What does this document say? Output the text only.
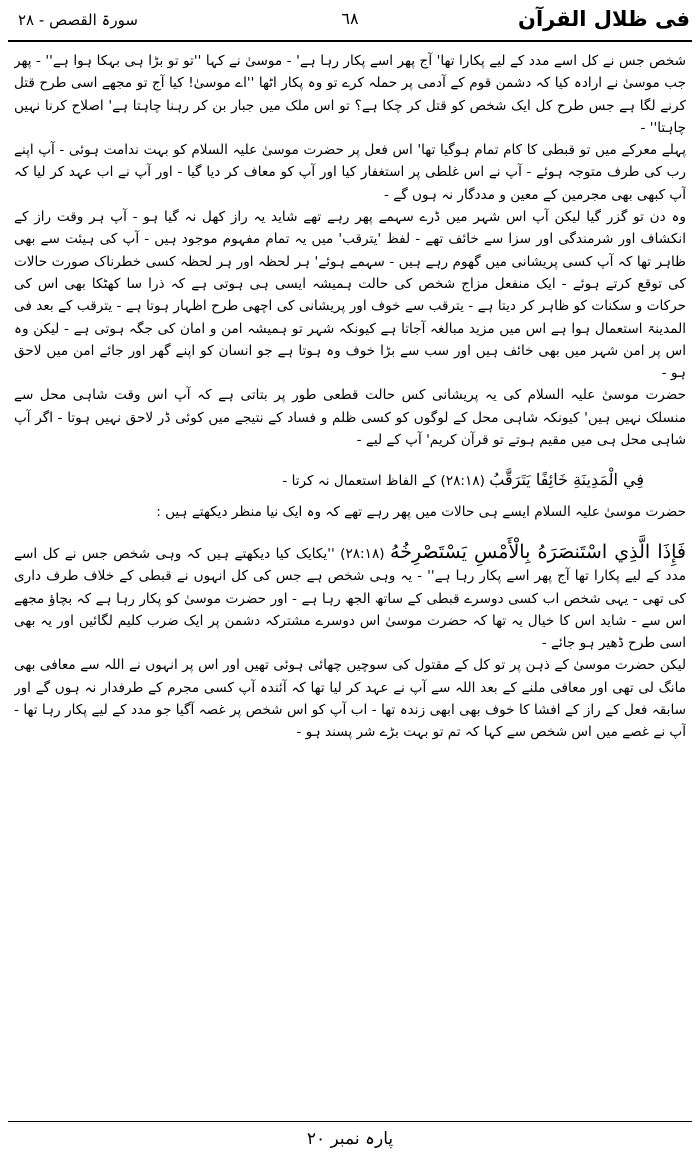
فی ظلال القرآن
٦٨
سورۃ القصص - ٢٨

شخص جس نے کل اسے مدد کے لیے پکارا تھا' آج پھر اسے پکار رہا ہے' - موسیٰ نے کہا ''تو تو بڑا ہی بہکا ہوا ہے'' - پھر جب موسیٰ نے ارادہ کیا کہ دشمن قوم کے آدمی پر حملہ کرے تو وہ پکار اٹھا ''اے موسیٰ! کیا آج تو مجھے اسی طرح قتل کرنے لگا ہے جس طرح کل ایک شخص کو قتل کر چکا ہے؟ تو اس ملک میں جبار بن کر رہنا چاہتا ہے' اصلاح کرنا نہیں چاہتا'' -

پہلے معرکے میں تو قبطی کا کام تمام ہوگیا تھا' اس فعل پر حضرت موسیٰ علیہ السلام کو بہت ندامت ہوئی - آپ اپنے رب کی طرف متوجہ ہوئے - آپ نے اس غلطی پر استغفار کیا اور آپ کو معاف کر دیا گیا - اور آپ نے اب عہد کر لیا کہ آپ کبھی بھی مجرمین کے معین و مددگار نہ ہوں گے -

وہ دن تو گزر گیا لیکن آپ اس شہر میں ڈرے سہمے پھر رہے تھے شاید یہ راز کھل نہ گیا ہو - آپ ہر وقت راز کے انکشاف اور شرمندگی اور سزا سے خائف تھے - لفظ 'یترقب' میں یہ تمام مفہوم موجود ہیں - آپ کی ہیئت سے بھی ظاہر تھا کہ آپ کسی پریشانی میں گھوم رہے ہیں - سہمے ہوئے' ہر لحظہ اور ہر لحظہ کسی خطرناک صورت حالات کی توقع کرتے ہوئے - ایک منفعل مزاج شخص کی حالت ہمیشہ ایسی ہی ہوتی ہے کہ ذرا سا کھٹکا بھی اس کی حرکات و سکنات کو ظاہر کر دیتا ہے - یترقب سے خوف اور پریشانی کی اچھی طرح اظہار ہوتا ہے - یترقب کے بعد فی المدینۃ استعمال ہوا ہے اس میں مزید مبالغہ آجاتا ہے کیونکہ شہر تو ہمیشہ امن و امان کی جگہ ہوتی ہے - لیکن وہ اس پر امن شہر میں بھی خائف ہیں اور سب سے بڑا خوف وہ ہوتا ہے جو انسان کو اپنے گھر اور جائے امن میں لاحق ہو -

حضرت موسیٰ علیہ السلام کی یہ پریشانی کس حالت قطعی طور پر بتاتی ہے کہ آپ اس وقت شاہی محل سے منسلک نہیں ہیں' کیونکہ شاہی محل کے لوگوں کو کسی ظلم و فساد کے نتیجے میں کوئی ڈر لاحق نہیں ہوتا - اگر آپ شاہی محل ہی میں مقیم ہوتے تو قرآن کریم' آپ کے لیے -

فِي الْمَدِينَةِ خَائِفًا يَتَرَقَّبُ (۲۸:۱۸) کے الفاظ استعمال نہ کرتا -

حضرت موسیٰ علیہ السلام ایسے ہی حالات میں پھر رہے تھے کہ وہ ایک نیا منظر دیکھتے ہیں :

فَإِذَا الَّذِي اسْتَنصَرَهُ بِالْأَمْسِ يَسْتَصْرِخُهُ (۲۸:۱۸) ''یکایک کیا دیکھتے ہیں کہ وہی شخص جس نے کل اسے مدد کے لیے پکارا تھا آج پھر اسے پکار رہا ہے'' - یہ وہی شخص ہے جس کی کل انہوں نے قبطی کے خلاف طرف داری کی تھی - یہی شخص اب کسی دوسرے قبطی کے ساتھ الجھ رہا ہے - اور حضرت موسیٰ کو پکار رہا ہے کہ بچاؤ مجھے اس سے - شاید اس کا خیال یہ تھا کہ حضرت موسیٰ اس دوسرے مشترکہ دشمن پر ایک ضرب کلیم لگائیں اور یہ بھی اسی طرح ڈھیر ہو جائے -

لیکن حضرت موسیٰ کے ذہن پر تو کل کے مقتول کی سوچیں چھائی ہوئی تھیں اور اس پر انہوں نے اللہ سے معافی بھی مانگ لی تھی اور معافی ملنے کے بعد اللہ سے آپ نے عہد کر لیا تھا کہ آئندہ آپ کسی مجرم کے طرفدار نہ ہوں گے اور سابقہ فعل کے راز کے افشا کا خوف بھی ابھی زندہ تھا - اب آپ کو اس شخص پر غصہ آگیا جو مدد کے لیے پکار رہا تھا - آپ نے غصے میں اس شخص سے کہا کہ تم تو بہت بڑے شر پسند ہو -

پارہ نمبر ۲۰
